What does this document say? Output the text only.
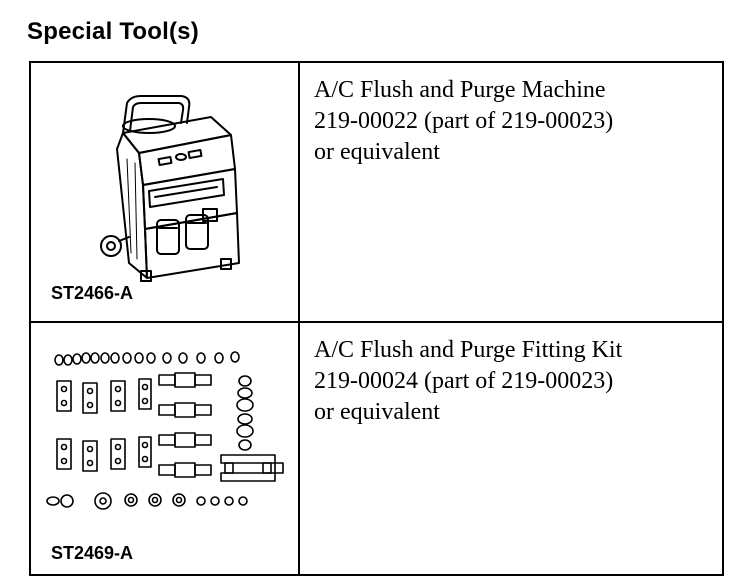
Special Tool(s)
ST2466-A
A/C Flush and Purge Machine
219-00022 (part of 219-00023)
or equivalent
ST2469-A
A/C Flush and Purge Fitting Kit
219-00024 (part of 219-00023)
or equivalent
